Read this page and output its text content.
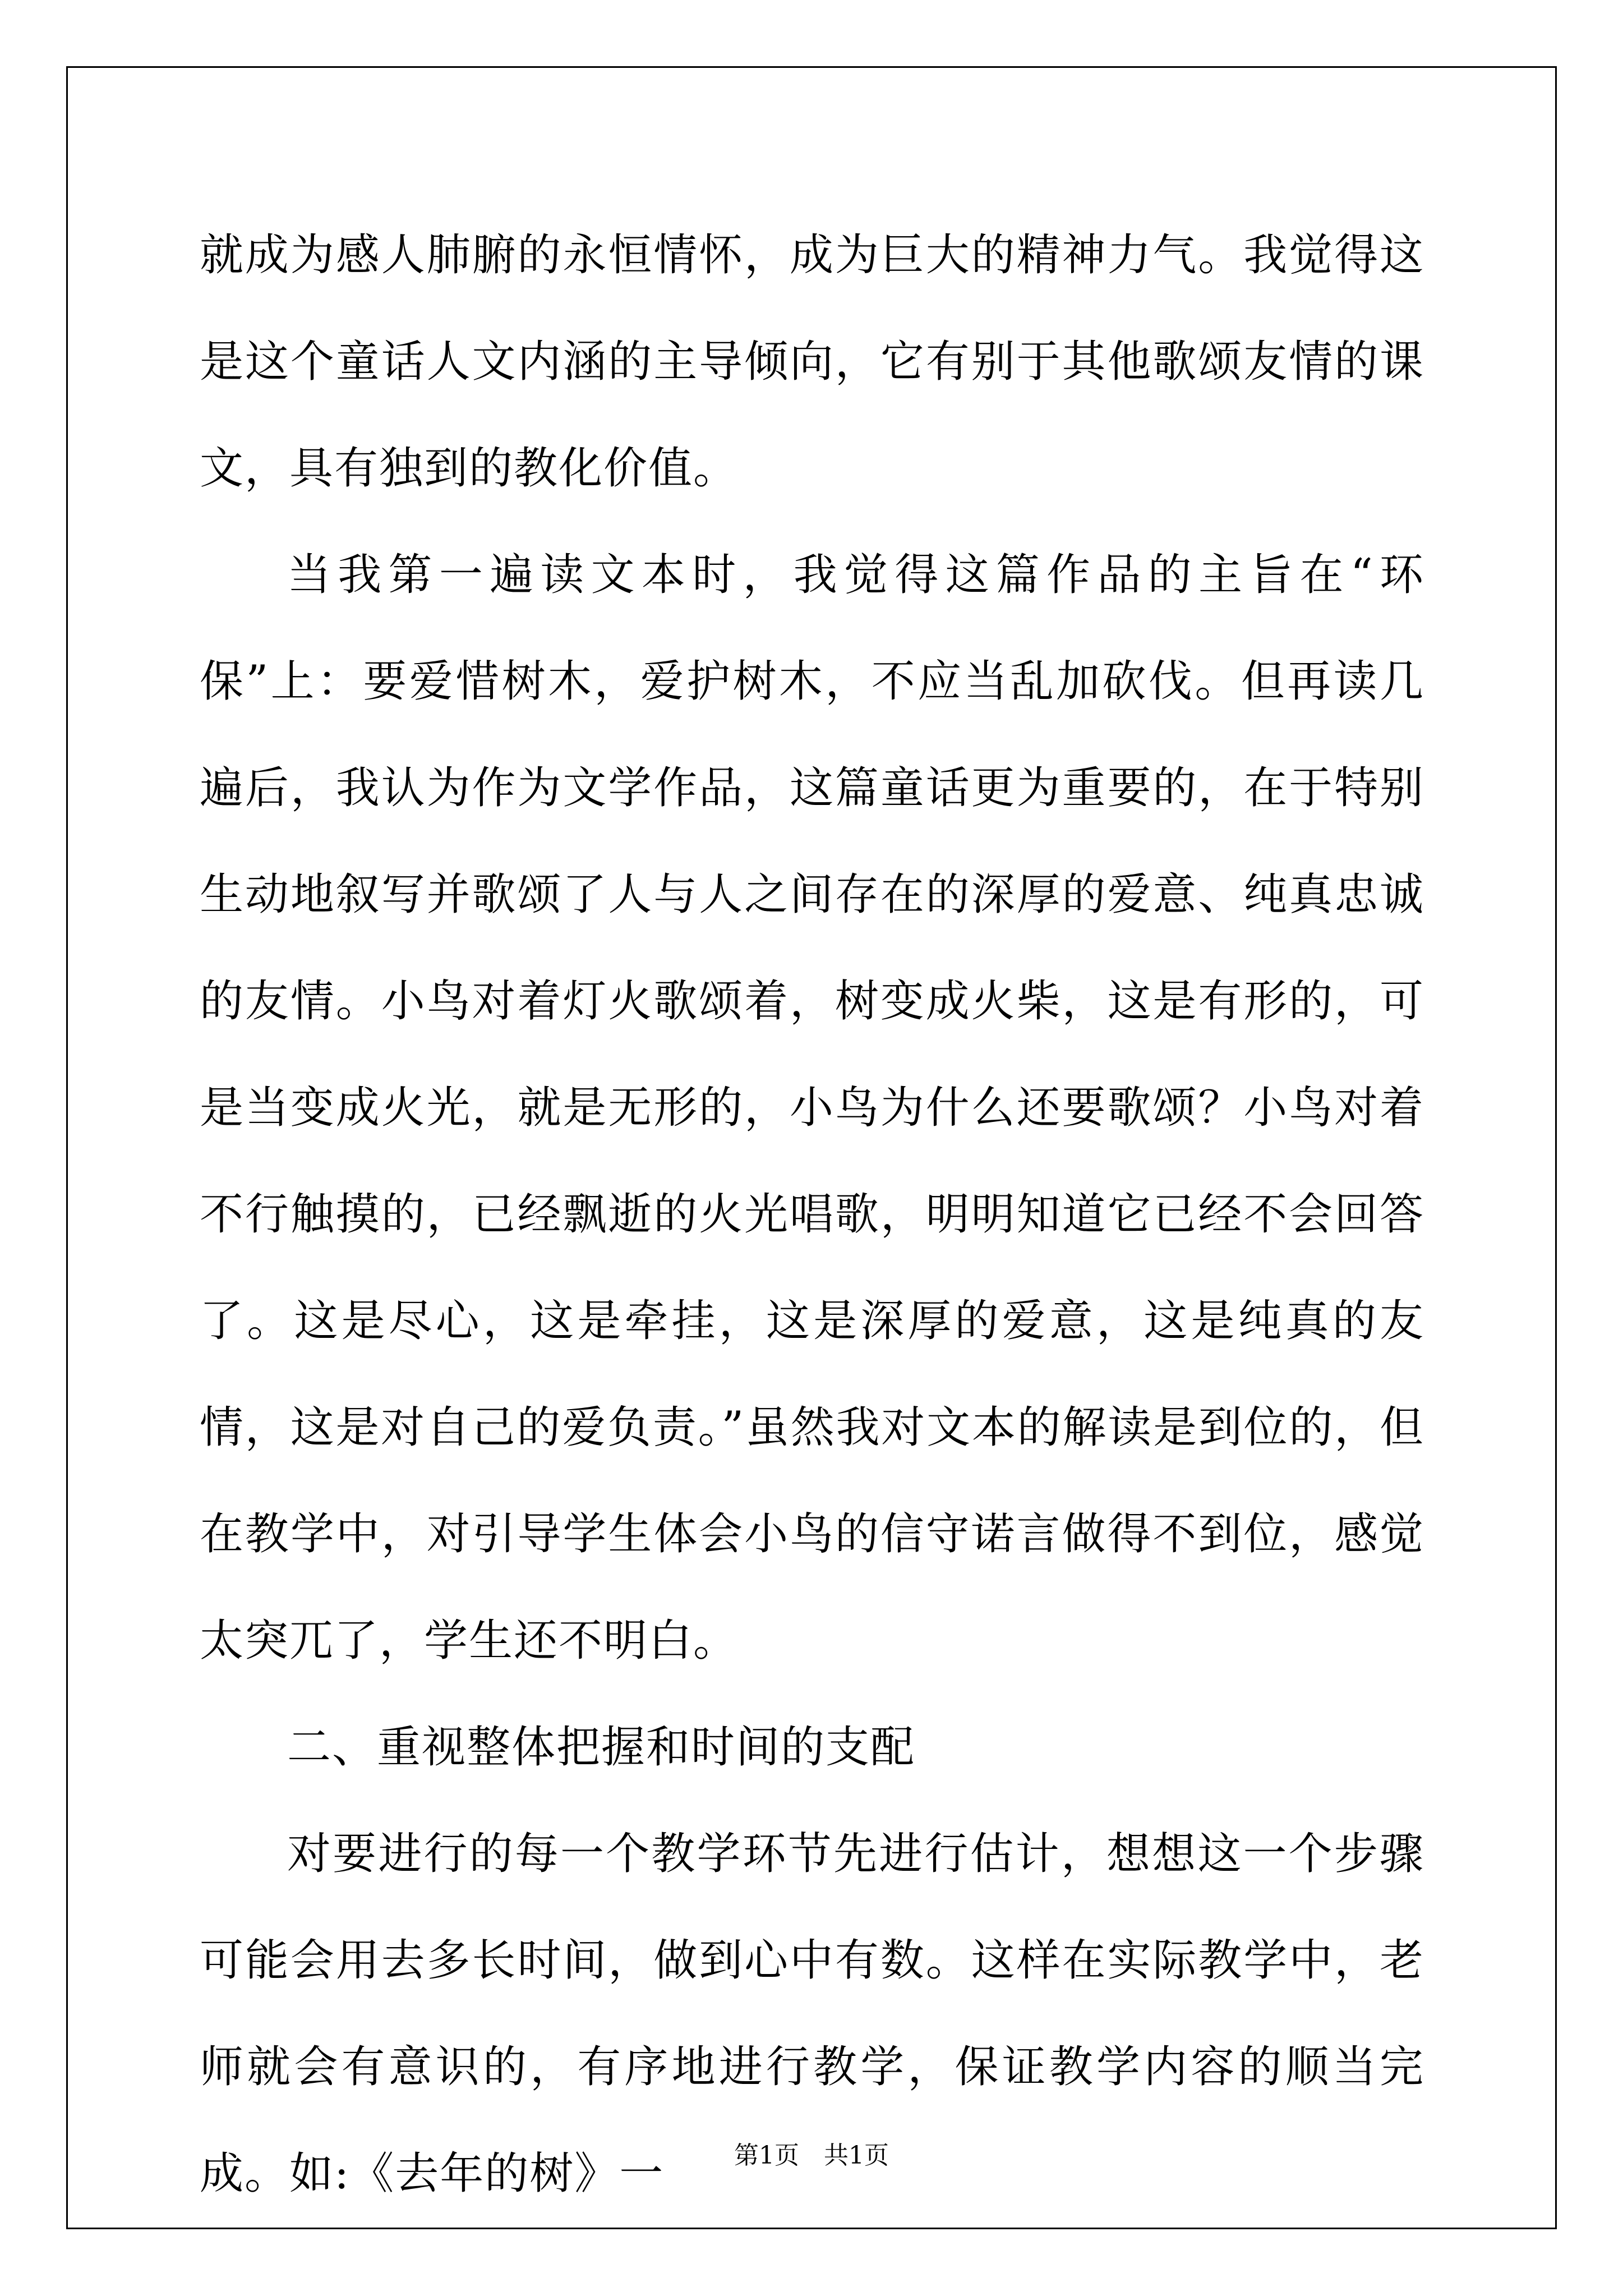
就成为感人肺腑的永恒情怀，成为巨大的精神力气。我觉得这是这个童话人文内涵的主导倾向，它有别于其他歌颂友情的课文，具有独到的教化价值。

当我第一遍读文本时，我觉得这篇作品的主旨在“环保”上：要爱惜树木，爱护树木，不应当乱加砍伐。但再读几遍后，我认为作为文学作品，这篇童话更为重要的，在于特别生动地叙写并歌颂了人与人之间存在的深厚的爱意、纯真忠诚的友情。小鸟对着灯火歌颂着，树变成火柴，这是有形的，可是当变成火光，就是无形的，小鸟为什么还要歌颂？小鸟对着不行触摸的，已经飘逝的火光唱歌，明明知道它已经不会回答了。这是尽心，这是牵挂，这是深厚的爱意，这是纯真的友情，这是对自己的爱负责。”虽然我对文本的解读是到位的，但在教学中，对引导学生体会小鸟的信守诺言做得不到位，感觉太突兀了，学生还不明白。

二、重视整体把握和时间的支配

对要进行的每一个教学环节先进行估计，想想这一个步骤可能会用去多长时间，做到心中有数。这样在实际教学中，老师就会有意识的，有序地进行教学，保证教学内容的顺当完成。如:《去年的树》一	第1页　共1页
